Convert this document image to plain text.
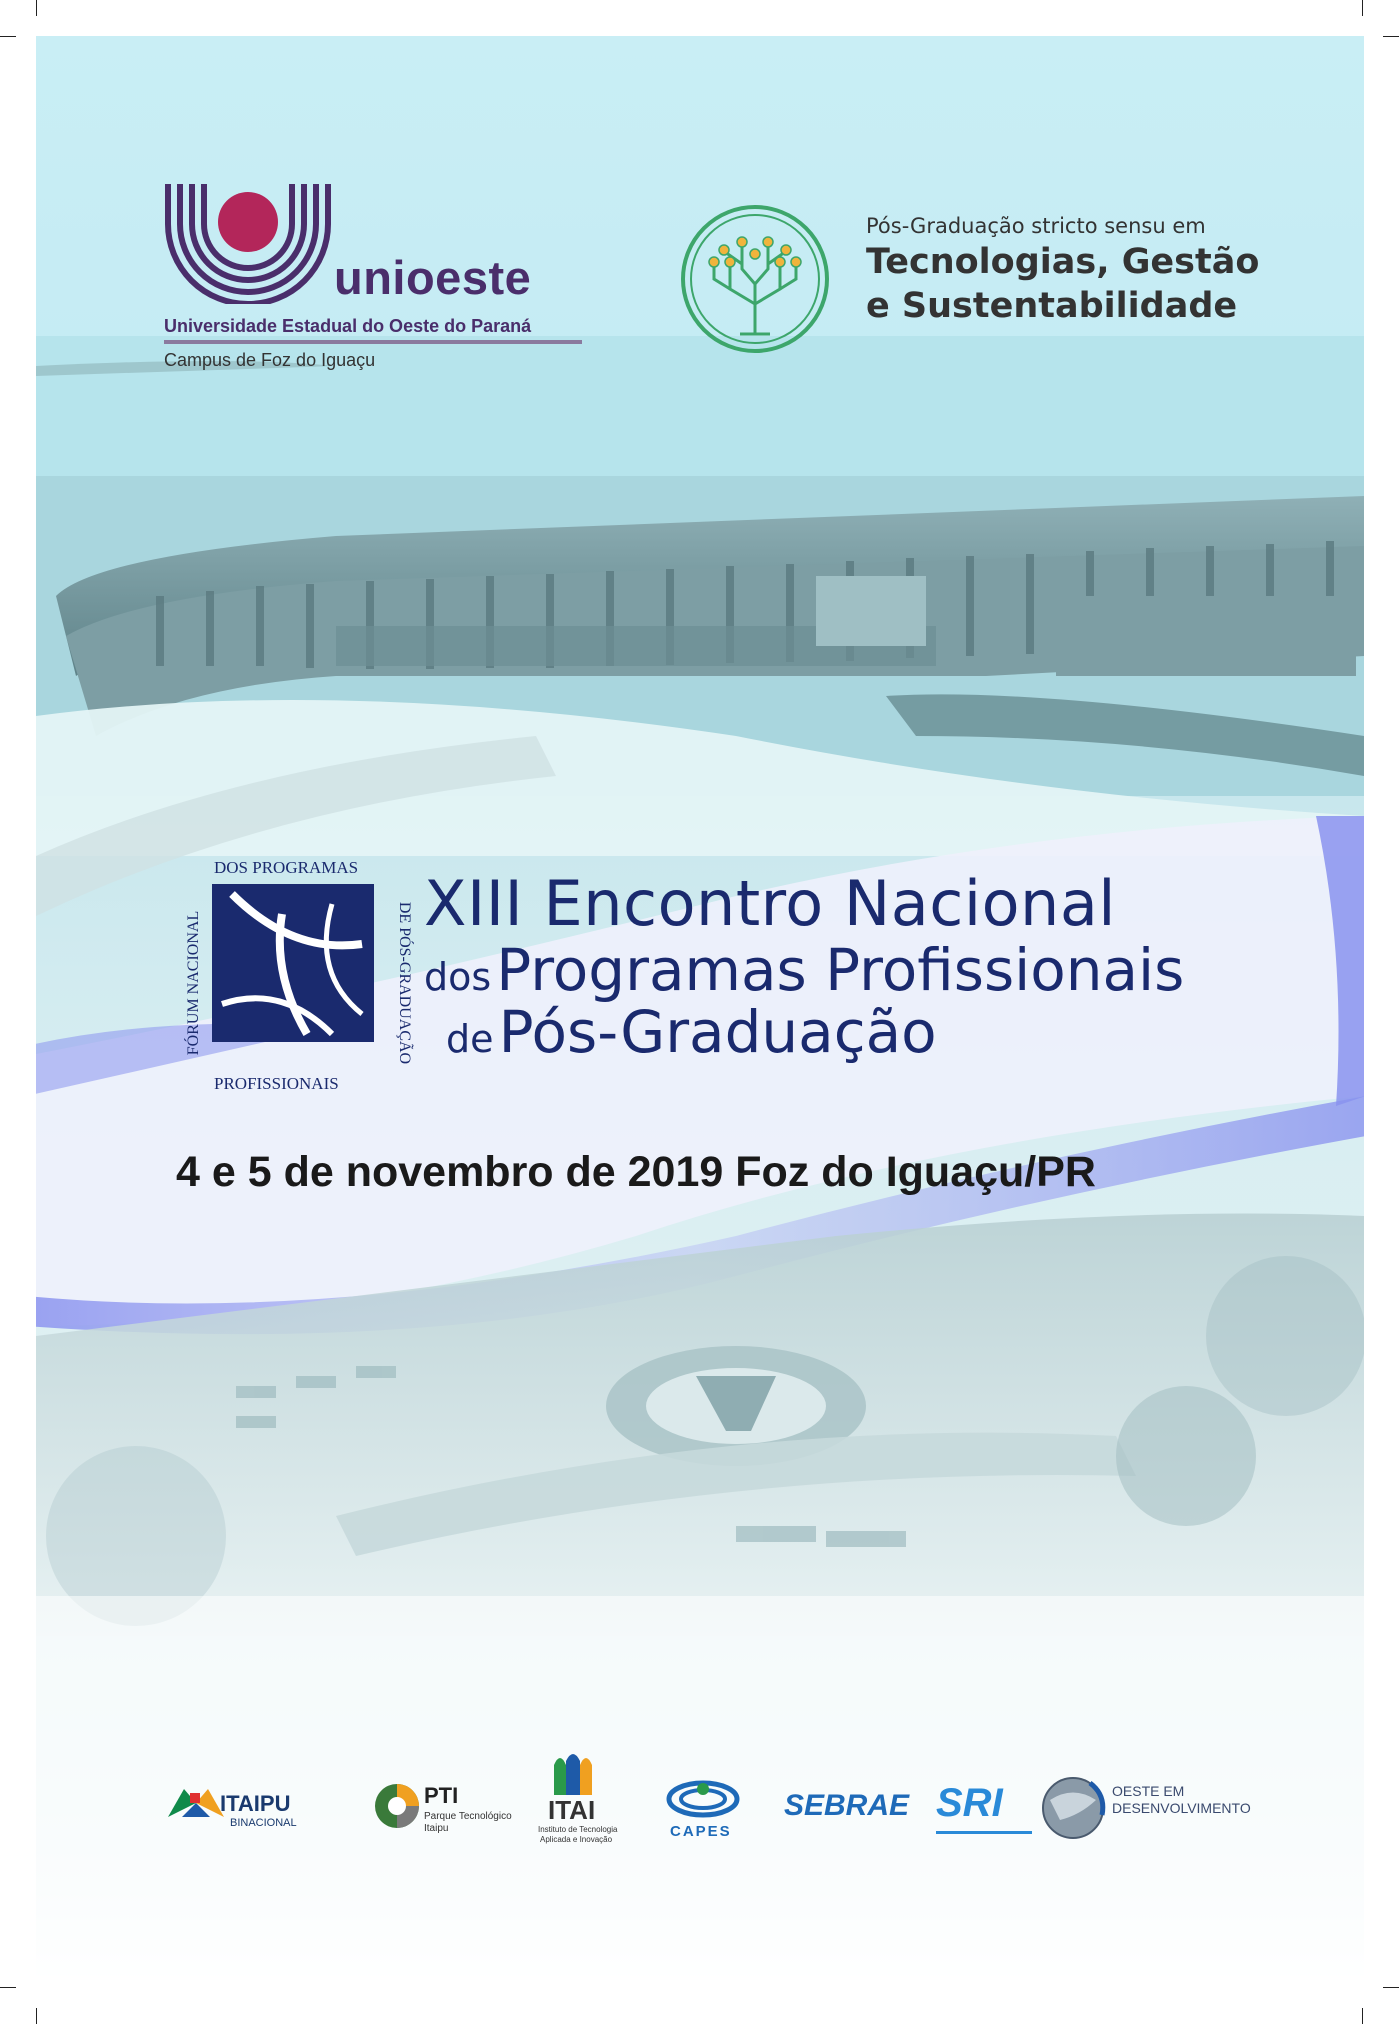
unioeste
Universidade Estadual do Oeste do Paraná
Campus de Foz do Iguaçu
Pós-Graduação stricto sensu em
Tecnologias, Gestão
e Sustentabilidade
DOS PROGRAMAS
FÓRUM NACIONAL	DE PÓS-GRADUAÇÃO
PROFISSIONAIS
XIII Encontro Nacional
dos Programas Profissionais
de Pós-Graduação
4 e 5 de novembro de 2019 Foz do Iguaçu/PR
ITAIPU
BINACIONAL
PTI
Parque Tecnológico
Itaipu
ITAI
Instituto de Tecnologia
Aplicada e Inovação	CAPES
SEBRAE SRI	OESTE EM
DESENVOLVIMENTO
